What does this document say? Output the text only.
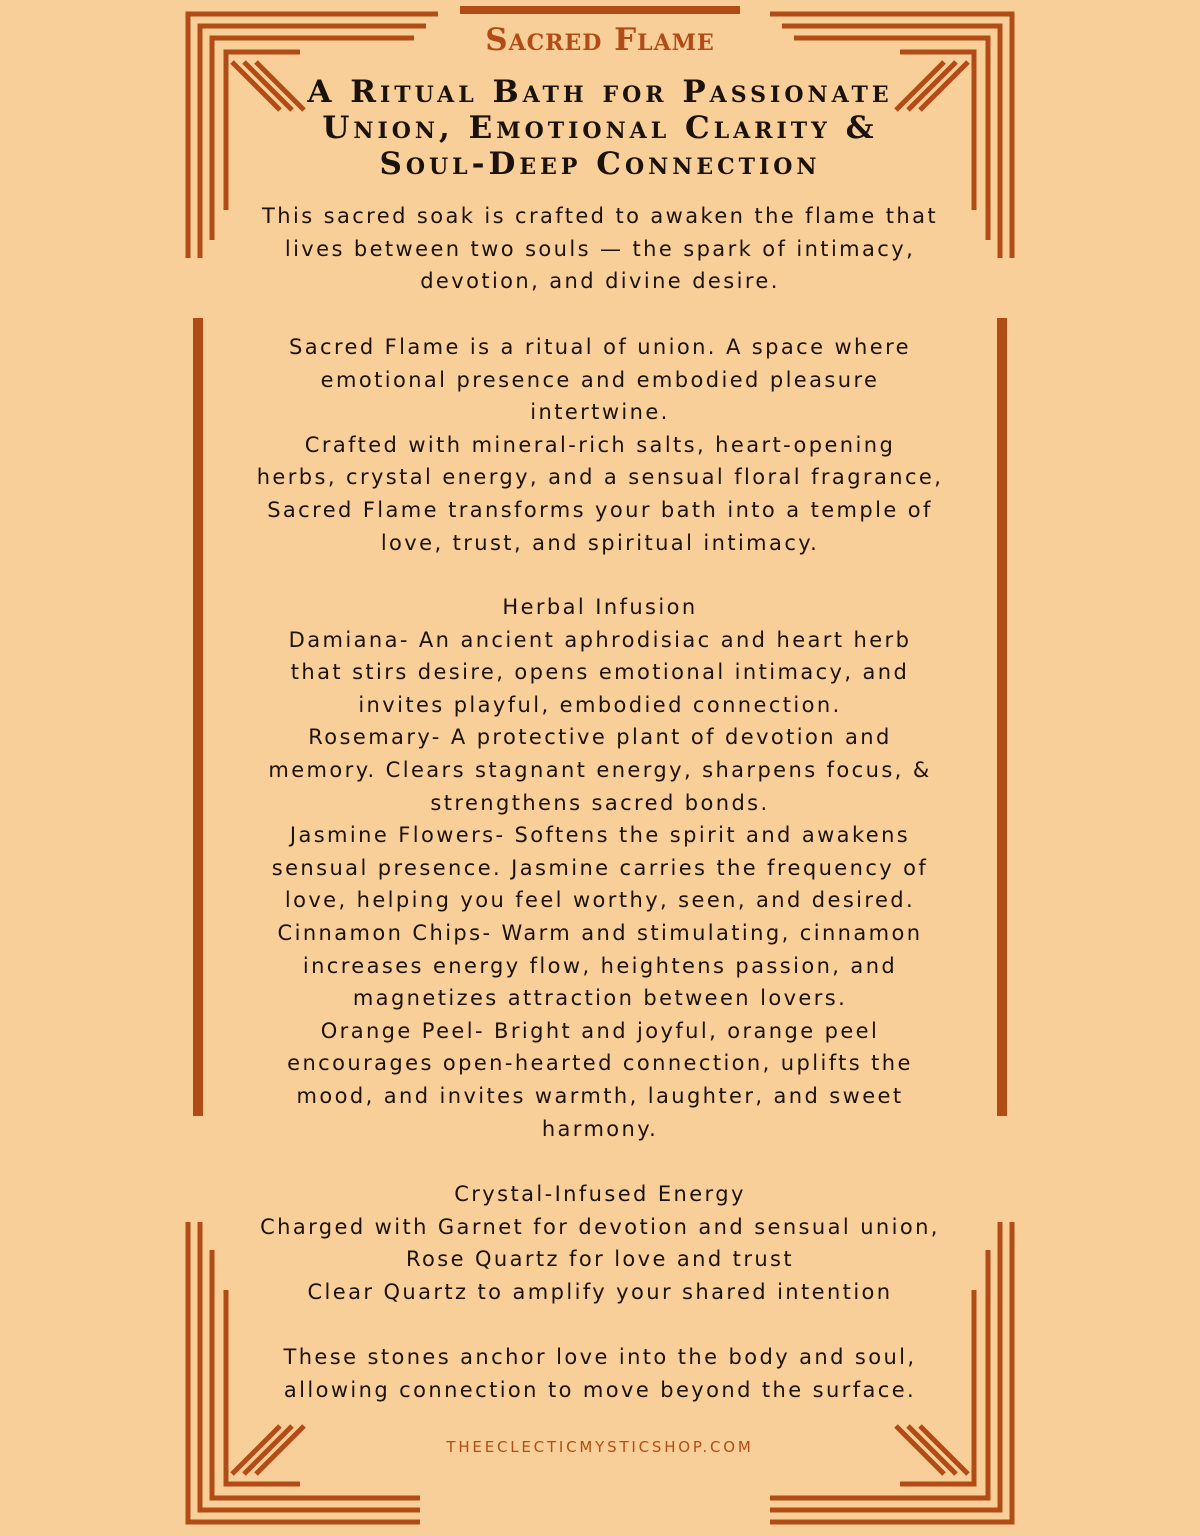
Sacred Flame
A Ritual Bath for Passionate
Union, Emotional Clarity &
Soul-Deep Connection
This sacred soak is crafted to awaken the flame that
lives between two souls — the spark of intimacy,
devotion, and divine desire.
Sacred Flame is a ritual of union. A space where
emotional presence and embodied pleasure
intertwine.
Crafted with mineral-rich salts, heart-opening
herbs, crystal energy, and a sensual floral fragrance,
Sacred Flame transforms your bath into a temple of
love, trust, and spiritual intimacy.
Herbal Infusion
Damiana- An ancient aphrodisiac and heart herb
that stirs desire, opens emotional intimacy, and
invites playful, embodied connection.
Rosemary- A protective plant of devotion and
memory. Clears stagnant energy, sharpens focus, &
strengthens sacred bonds.
Jasmine Flowers- Softens the spirit and awakens
sensual presence. Jasmine carries the frequency of
love, helping you feel worthy, seen, and desired.
Cinnamon Chips- Warm and stimulating, cinnamon
increases energy flow, heightens passion, and
magnetizes attraction between lovers.
Orange Peel- Bright and joyful, orange peel
encourages open-hearted connection, uplifts the
mood, and invites warmth, laughter, and sweet
harmony.
Crystal-Infused Energy
Charged with Garnet for devotion and sensual union,
Rose Quartz for love and trust
Clear Quartz to amplify your shared intention
These stones anchor love into the body and soul,
allowing connection to move beyond the surface.
THEECLECTICMYSTICSHOP.COM
